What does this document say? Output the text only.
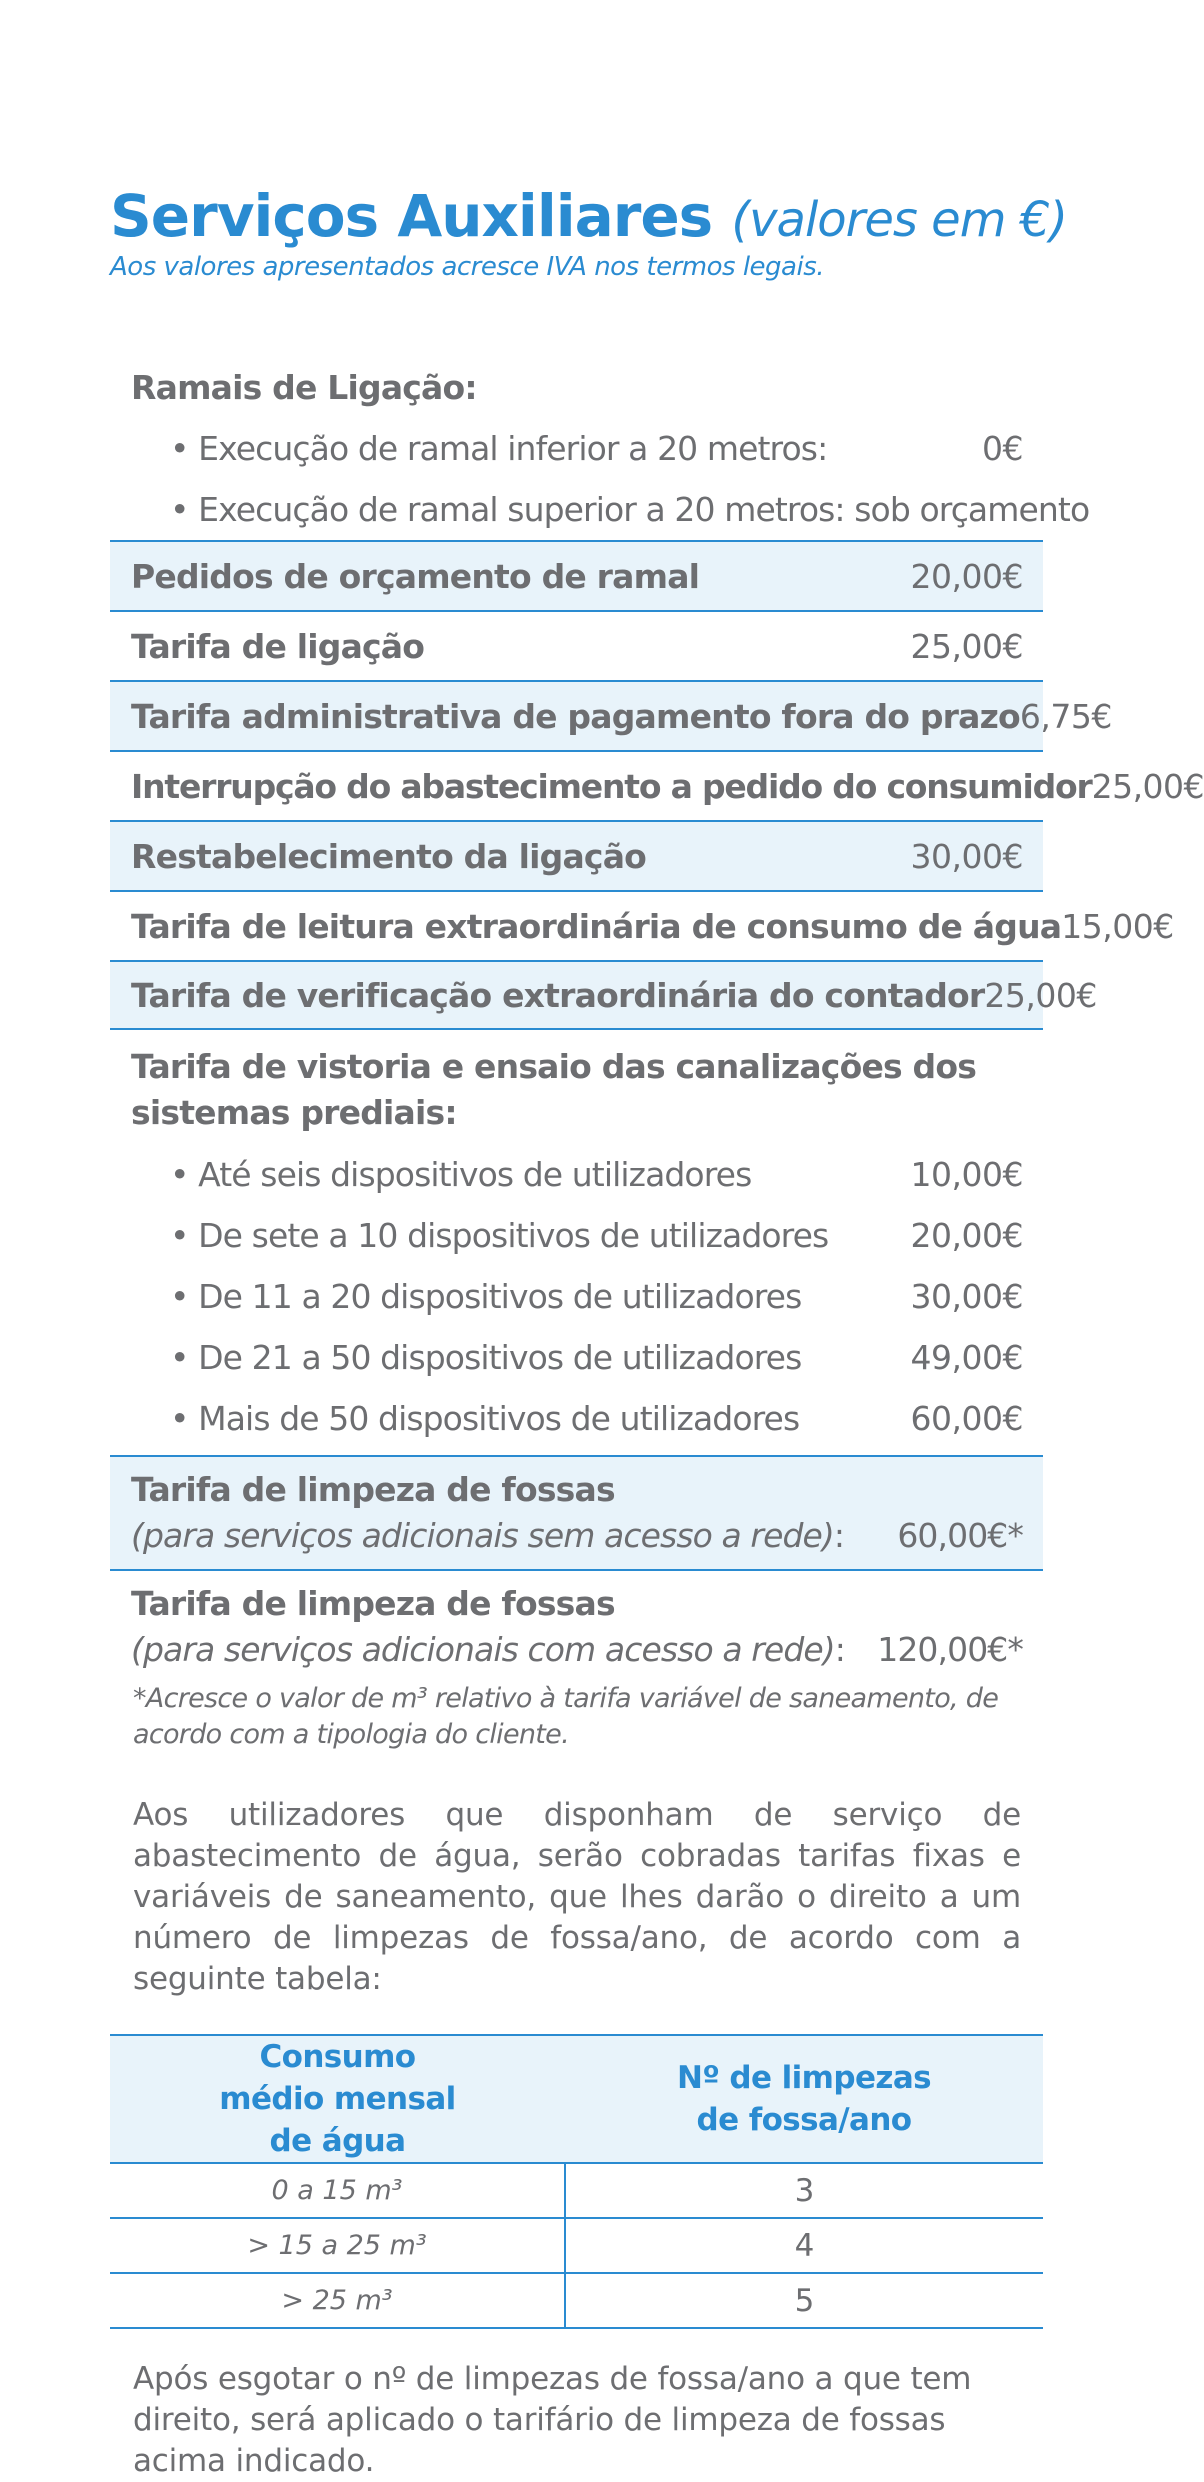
Serviços Auxiliares (valores em €)
Aos valores apresentados acresce IVA nos termos legais.
Ramais de Ligação:
• Execução de ramal inferior a 20 metros:	0€
• Execução de ramal superior a 20 metros: sob orçamento
Pedidos de orçamento de ramal	20,00€
Tarifa de ligação	25,00€
Tarifa administrativa de pagamento fora do prazo 6,75€
Interrupção do abastecimento a pedido do consumidor 25,00€
Restabelecimento da ligação	30,00€
Tarifa de leitura extraordinária de consumo de água 15,00€
Tarifa de verificação extraordinária do contador 25,00€
Tarifa de vistoria e ensaio das canalizações dos sistemas prediais:
• Até seis dispositivos de utilizadores	10,00€
• De sete a 10 dispositivos de utilizadores 20,00€
• De 11 a 20 dispositivos de utilizadores	30,00€
• De 21 a 50 dispositivos de utilizadores	49,00€
• Mais de 50 dispositivos de utilizadores	60,00€
Tarifa de limpeza de fossas
(para serviços adicionais sem acesso a rede): 60,00€*
Tarifa de limpeza de fossas
(para serviços adicionais com acesso a rede): 120,00€*
*Acresce o valor de m³ relativo à tarifa variável de saneamento, de acordo com a tipologia do cliente.
Aos utilizadores que disponham de serviço de abastecimento de água, serão cobradas tarifas fixas e variáveis de saneamento, que lhes darão o direito a um número de limpezas de fossa/ano, de acordo com a seguinte tabela:
Consumo médio mensal de água	Nº de limpezas de fossa/ano

0 a 15 m³	3
> 15 a 25 m³	4
> 25 m³	5
Após esgotar o nº de limpezas de fossa/ano a que tem direito, será aplicado o tarifário de limpeza de fossas acima indicado.
